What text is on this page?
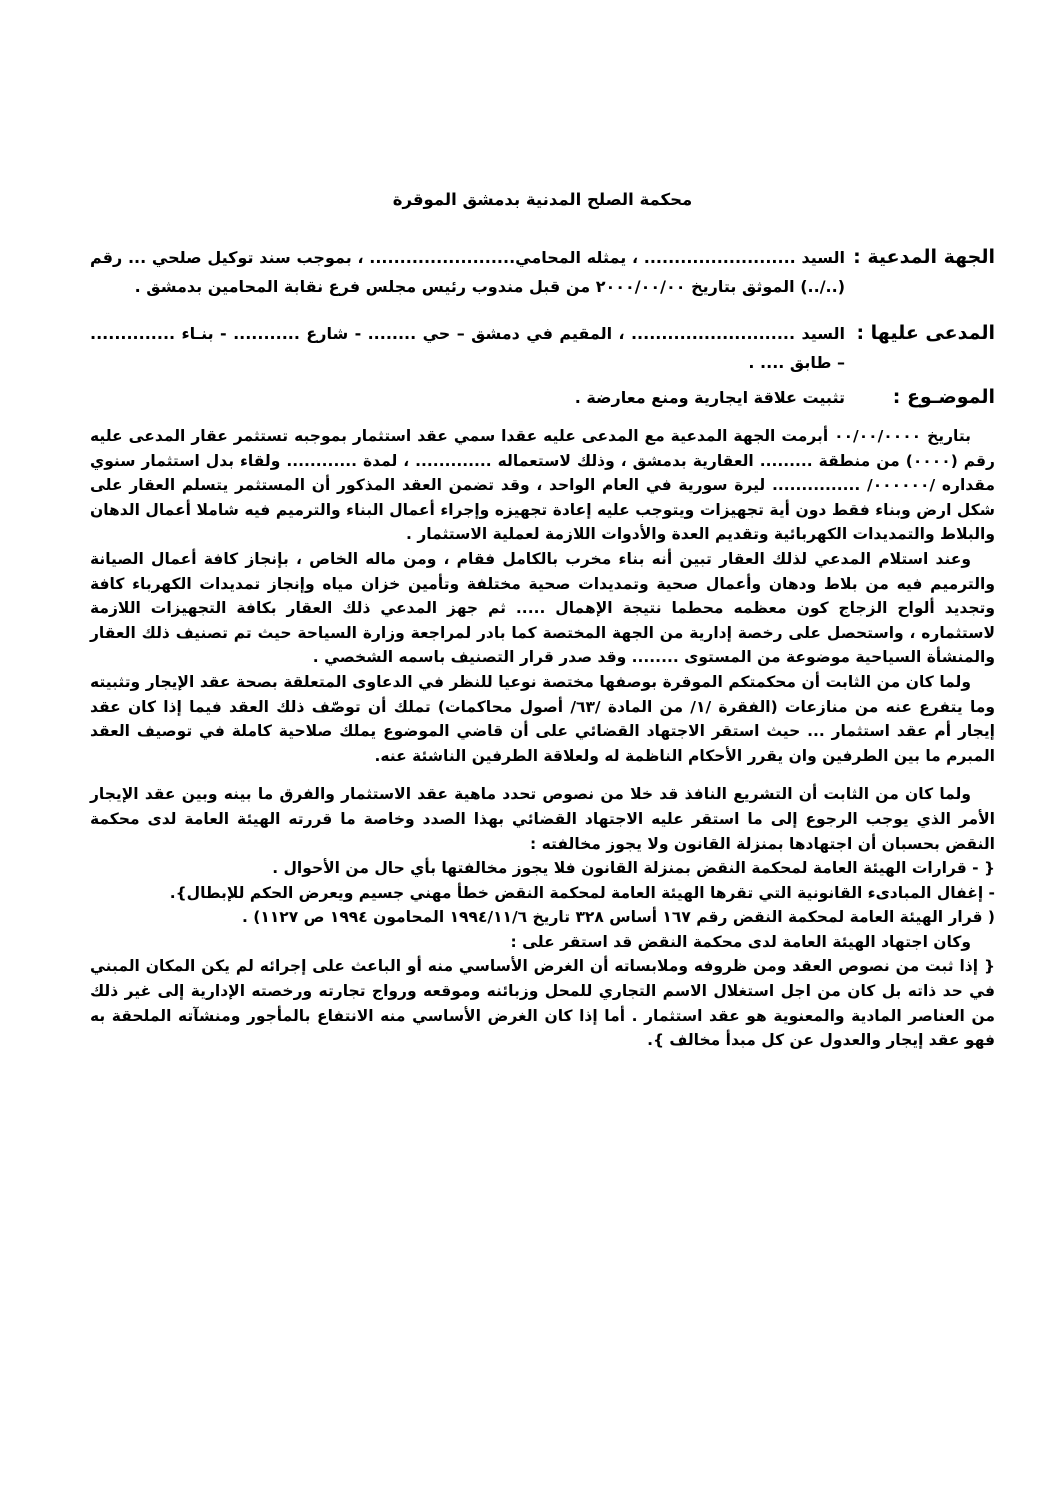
محكمة الصلح المدنية بدمشق الموقرة
الجهة المدعية :
السيد ......................... ، يمثله المحامي........................ ، بموجب سند توكيل صلحي ... رقم (../..) الموثق بتاريخ ٢٠٠٠/٠٠/٠٠ من قبل مندوب رئيس مجلس فرع نقابة المحامين بدمشق .
المدعى عليها :
السيد ........................... ، المقيم في دمشق – حي ........ - شارع ........... - بنـاء .............. – طابق .... .
الموضـوع :
تثبيت علاقة ايجارية ومنع معارضة .

بتاريخ ٠٠/٠٠/٠٠٠٠ أبرمت الجهة المدعية مع المدعى عليه عقدا سمي عقد استثمار بموجبه تستثمر عقار المدعى عليه رقم (٠٠٠٠) من منطقة ......... العقارية بدمشق ، وذلك لاستعماله ............. ، لمدة ............ ولقاء بدل استثمار سنوي مقداره /٠٠٠٠٠٠/ ............... ليرة سورية في العام الواحد ، وقد تضمن العقد المذكور أن المستثمر يتسلم العقار على شكل ارض وبناء فقط دون أية تجهيزات ويتوجب عليه إعادة تجهيزه وإجراء أعمال البناء والترميم فيه شاملا أعمال الدهان والبلاط والتمديدات الكهربائية وتقديم العدة والأدوات اللازمة لعملية الاستثمار .

وعند استلام المدعي لذلك العقار تبين أنه بناء مخرب بالكامل فقام ، ومن ماله الخاص ، بإنجاز كافة أعمال الصيانة والترميم فيه من بلاط ودهان وأعمال صحية وتمديدات صحية مختلفة وتأمين خزان مياه وإنجاز تمديدات الكهرباء كافة وتجديد ألواح الزجاج كون معظمه محطما نتيجة الإهمال ..... ثم جهز المدعي ذلك العقار بكافة التجهيزات اللازمة لاستثماره ، واستحصل على رخصة إدارية من الجهة المختصة كما بادر لمراجعة وزارة السياحة حيث تم تصنيف ذلك العقار والمنشأة السياحية موضوعة من المستوى ........ وقد صدر قرار التصنيف باسمه الشخصي .

ولما كان من الثابت أن محكمتكم الموقرة بوصفها مختصة نوعيا للنظر في الدعاوى المتعلقة بصحة عقد الإيجار وتثبيته وما يتفرع عنه من منازعات (الفقرة /١/ من المادة /٦٣/ أصول محاكمات) تملك أن توصّف ذلك العقد فيما إذا كان عقد إيجار أم عقد استثمار ... حيث استقر الاجتهاد القضائي على أن قاضي الموضوع يملك صلاحية كاملة في توصيف العقد المبرم ما بين الطرفين وان يقرر الأحكام الناظمة له ولعلاقة الطرفين الناشئة عنه.

ولما كان من الثابت أن التشريع النافذ قد خلا من نصوص تحدد ماهية عقد الاستثمار والفرق ما بينه وبين عقد الإيجار الأمر الذي يوجب الرجوع إلى ما استقر عليه الاجتهاد القضائي بهذا الصدد وخاصة ما قررته الهيئة العامة لدى محكمة النقض بحسبان أن اجتهادها بمنزلة القانون ولا يجوز مخالفته :

{ - قرارات الهيئة العامة لمحكمة النقض بمنزلة القانون فلا يجوز مخالفتها بأي حال من الأحوال .

- إغفال المبادىء القانونية التي تقرها الهيئة العامة لمحكمة النقض خطأ مهني جسيم ويعرض الحكم للإبطال}.

( قرار الهيئة العامة لمحكمة النقض رقم ١٦٧ أساس ٣٢٨ تاريخ ١٩٩٤/١١/٦ المحامون ١٩٩٤ ص ١١٢٧) .

وكان اجتهاد الهيئة العامة لدى محكمة النقض قد استقر على :

{ إذا ثبت من نصوص العقد ومن ظروفه وملابساته أن الغرض الأساسي منه أو الباعث على إجرائه لم يكن المكان المبني في حد ذاته بل كان من اجل استغلال الاسم التجاري للمحل وزبائنه وموقعه ورواج تجارته ورخصته الإدارية إلى غير ذلك من العناصر المادية والمعنوية هو عقد استثمار . أما إذا كان الغرض الأساسي منه الانتفاع بالمأجور ومنشآته الملحقة به فهو عقد إيجار والعدول عن كل مبدأ مخالف }.
